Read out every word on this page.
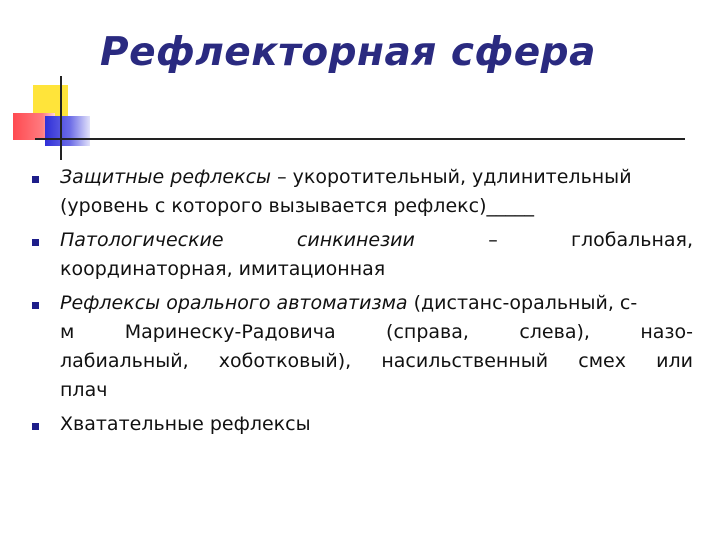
Рефлекторная сфера
Защитные рефлексы – укоротительный, удлинительный
(уровень с которого вызывается рефлекс)_____
Патологические	синкинезии	–	глобальная,
координаторная, имитационная
Рефлексы орального автоматизма (дистанс-оральный, с-
м	Маринеску-Радовича	(справа,	слева),	назо-
лабиальный, хоботковый), насильственный смех или
плач
Хватательные рефлексы
